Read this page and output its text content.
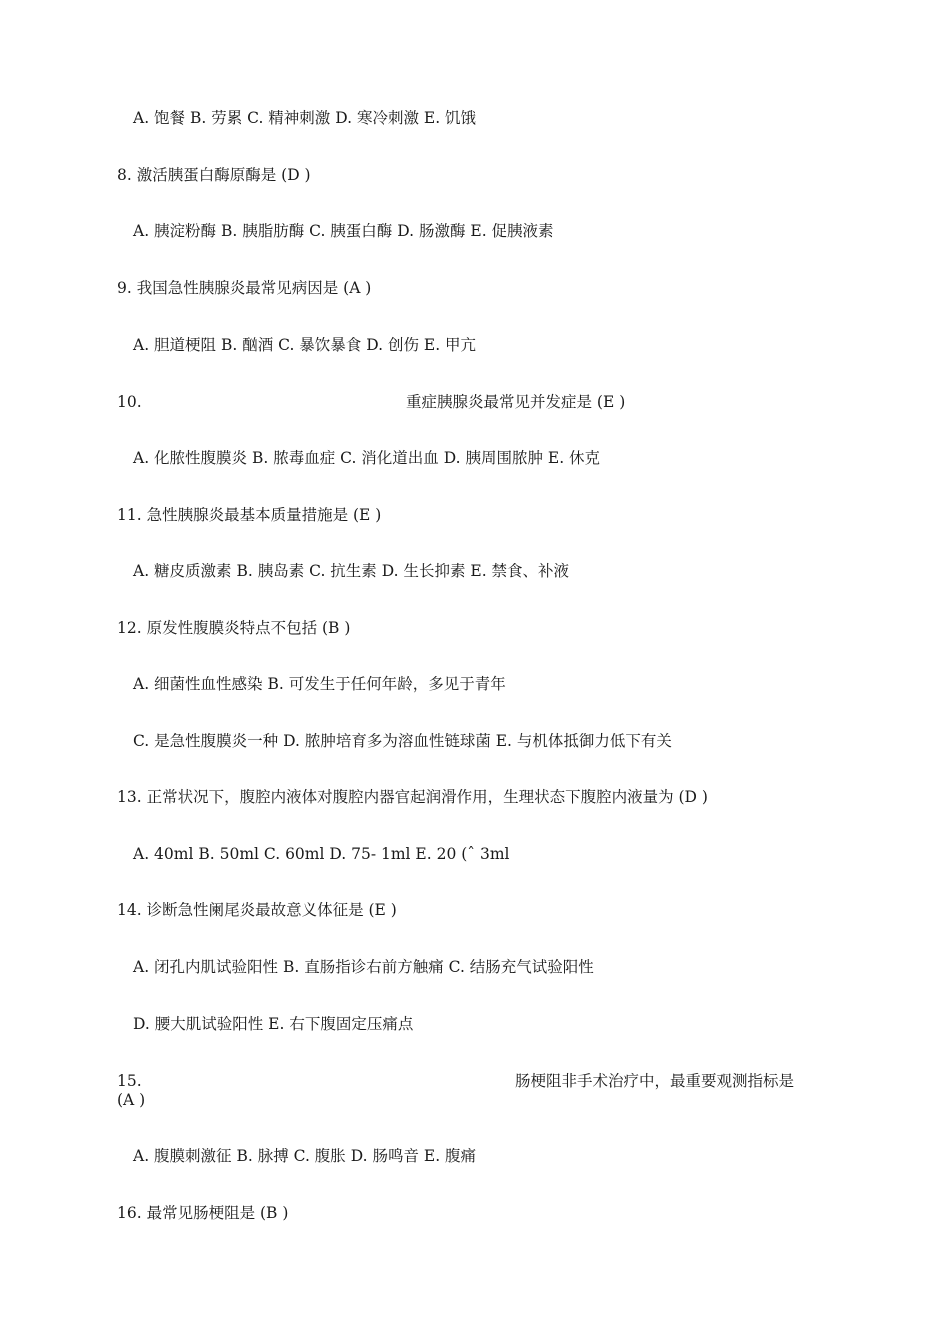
A. 饱餐 B. 劳累 C. 精神刺激 D. 寒冷刺激 E. 饥饿
8. 激活胰蛋白酶原酶是 (D )
A. 胰淀粉酶 B. 胰脂肪酶 C. 胰蛋白酶 D. 肠激酶 E. 促胰液素
9. 我国急性胰腺炎最常见病因是 (A )
A. 胆道梗阻 B. 酗酒 C. 暴饮暴食 D. 创伤 E. 甲亢
10.	重症胰腺炎最常见并发症是 (E )
A. 化脓性腹膜炎 B. 脓毒血症 C. 消化道出血 D. 胰周围脓肿 E. 休克
11. 急性胰腺炎最基本质量措施是 (E )
A. 糖皮质激素 B. 胰岛素 C. 抗生素 D. 生长抑素 E. 禁食、补液
12. 原发性腹膜炎特点不包括 (B )
A. 细菌性血性感染 B. 可发生于任何年龄，多见于青年
C. 是急性腹膜炎一种 D. 脓肿培育多为溶血性链球菌 E. 与机体抵御力低下有关
13. 正常状况下，腹腔内液体对腹腔内器官起润滑作用，生理状态下腹腔内液量为 (D )
A. 40ml B. 50ml C. 60ml D. 75- 1ml E. 20 (ˆ 3ml
14. 诊断急性阑尾炎最故意义体征是 (E )
A. 闭孔内肌试验阳性 B. 直肠指诊右前方触痛 C. 结肠充气试验阳性
D. 腰大肌试验阳性 E. 右下腹固定压痛点
15.	肠梗阻非手术治疗中，最重要观测指标是
(A )
A. 腹膜刺激征 B. 脉搏 C. 腹胀 D. 肠鸣音 E. 腹痛
16. 最常见肠梗阻是 (B )
